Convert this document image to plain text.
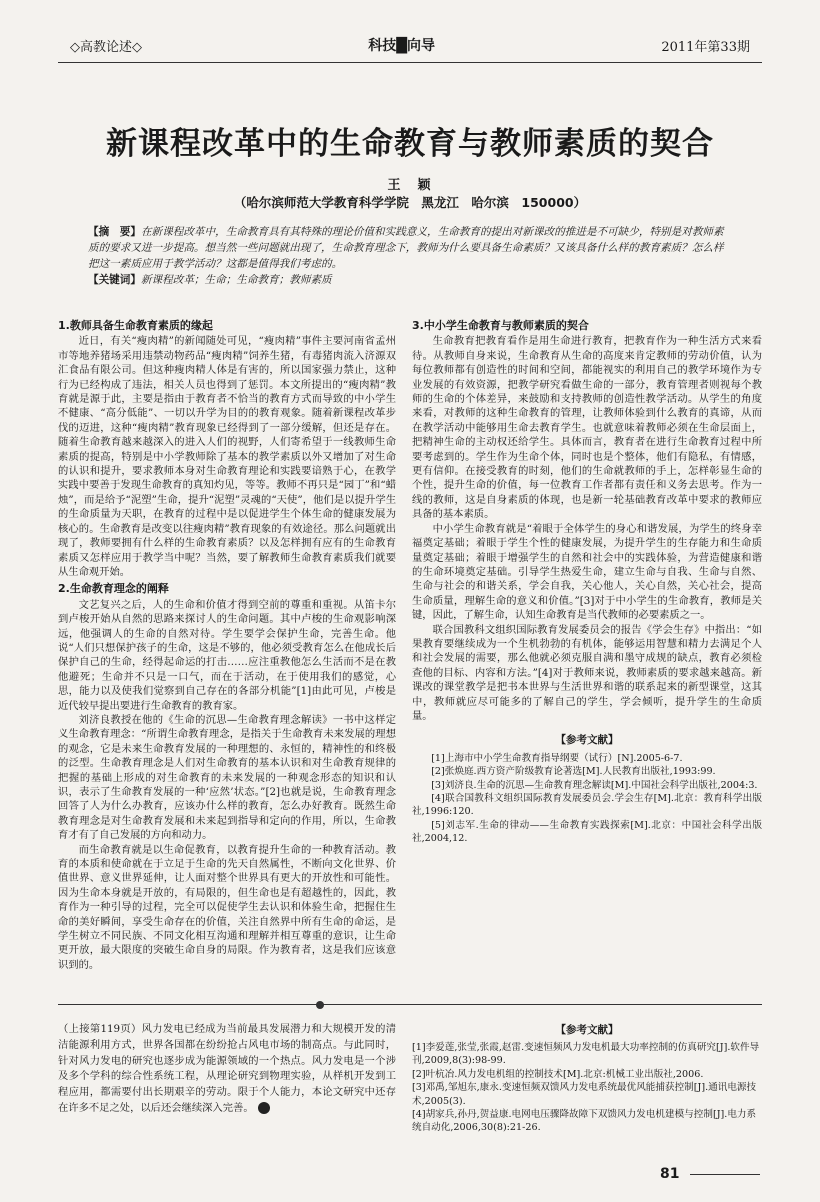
◇高教论述◇	科技█向导	2011年第33期
新课程改革中的生命教育与教师素质的契合
王　颖
（哈尔滨师范大学教育科学学院　黑龙江　哈尔滨　150000）
【摘　要】在新课程改革中，生命教育具有其特殊的理论价值和实践意义，生命教育的提出对新课改的推进是不可缺少，特别是对教师素质的要求又进一步提高。想当然一些问题就出现了，生命教育理念下，教师为什么要具备生命素质？又该具备什么样的教育素质？怎么样把这一素质应用于教学活动？这都是值得我们考虑的。
【关键词】新课程改革；生命；生命教育；教师素质
1.教师具备生命教育素质的缘起

近日，有关“瘦肉精”的新闻随处可见，“瘦肉精”事件主要河南省孟州市等地养猪场采用违禁动物药品“瘦肉精”饲养生猪，有毒猪肉流入济源双汇食品有限公司。但这种瘦肉精人体是有害的，所以国家强力禁止，这种行为已经构成了违法，相关人员也得到了惩罚。本文所提出的“瘦肉精”教育就是源于此，主要是指由于教育者不恰当的教育方式而导致的中小学生不健康、“高分低能”、一切以升学为目的的教育观象。随着新课程改革步伐的迈进，这种“瘦肉精”教育现象已经得到了一部分缓解，但还是存在。随着生命教育越来越深入的进入人们的视野，人们寄希望于一线教师生命素质的提高，特别是中小学教师除了基本的教学素质以外又增加了对生命的认识和提升，要求教师本身对生命教育理论和实践要谙熟于心，在教学实践中要善于发现生命教育的真知灼见，等等。教师不再只是“园丁”和“蜡烛”，而是给予“泥塑”生命，提升“泥塑”灵魂的“天使”，他们是以提升学生的生命质量为天职，在教育的过程中是以促进学生个体生命的健康发展为核心的。生命教育是改变以往瘦肉精”教育现象的有效途径。那么问题就出现了，教师要拥有什么样的生命教育素质？以及怎样拥有应有的生命教育素质又怎样应用于教学当中呢？当然，要了解教师生命教育素质我们就要从生命观开始。

2.生命教育理念的阐释

文艺复兴之后，人的生命和价值才得到空前的尊重和重视。从笛卡尔到卢梭开始从自然的思路来探讨人的生命问题。其中卢梭的生命观影响深远，他强调人的生命的自然对待。学生要学会保护生命，完善生命。他说“人们只想保护孩子的生命，这是不够的，他必须受教育怎么在他成长后保护自己的生命，经得起命运的打击……应注重教他怎么生活而不是在教他避死；生命并不只是一口气，而在于活动，在于使用我们的感觉，心思，能力以及使我们觉察到自己存在的各部分机能”[1]由此可见，卢梭是近代较早提出要进行生命教育的教育家。

刘济良教授在他的《生命的沉思—生命教育理念解读》一书中这样定义生命教育理念：“所谓生命教育理念，是指关于生命教育未来发展的理想的观念，它是未来生命教育发展的一种理想的、永恒的，精神性的和终极的泛型。生命教育理念是人们对生命教育的基本认识和对生命教育规律的把握的基础上形成的对生命教育的未来发展的一种观念形态的知识和认识，表示了生命教育发展的一种‘应然’状态。”[2]也就是说，生命教育理念回答了人为什么办教育，应该办什么样的教育，怎么办好教育。既然生命教育理念是对生命教育发展和未来起到指导和定向的作用，所以，生命教育才有了自己发展的方向和动力。

而生命教育就是以生命促教育，以教育提升生命的一种教育活动。教育的本质和使命就在于立足于生命的先天自然属性，不断向文化世界、价值世界、意义世界延伸，让人面对整个世界具有更大的开放性和可能性。因为生命本身就是开放的，有局限的，但生命也是有超越性的，因此，教育作为一种引导的过程，完全可以促使学生去认识和体验生命，把握住生命的美好瞬间，享受生命存在的价值，关注自然界中所有生命的命运，是学生树立不同民族、不同文化相互沟通和理解并相互尊重的意识，让生命更开放，最大限度的突破生命自身的局限。作为教育者，这是我们应该意识到的。

3.中小学生命教育与教师素质的契合

生命教育把教育看作是用生命进行教育，把教育作为一种生活方式来看待。从教师自身来说，生命教育从生命的高度来肯定教师的劳动价值，认为每位教师都有创造性的时间和空间，都能视实的利用自己的教学环境作为专业发展的有效资源，把教学研究看做生命的一部分，教育管理者则视每个教师的生命的个体差异，来鼓励和支持教师的创造性教学活动。从学生的角度来看，对教师的这种生命教育的管理，让教师体验到什么教育的真谛，从而在教学活动中能够用生命去教育学生。也就意味着教师必须在生命层面上，把精神生命的主动权还给学生。具体而言，教育者在进行生命教育过程中所要考虑到的。学生作为生命个体，同时也是个整体，他们有隐私，有情感，更有信仰。在接受教育的时刻，他们的生命就教师的手上，怎样彰显生命的个性，提升生命的价值，每一位教育工作者都有责任和义务去思考。作为一线的教师，这是自身素质的体现，也是新一轮基础教育改革中要求的教师应具备的基本素质。

中小学生命教育就是“着眼于全体学生的身心和谐发展，为学生的终身幸福奠定基础；着眼于学生个性的健康发展，为提升学生的生存能力和生命质量奠定基础；着眼于增强学生的自然和社会中的实践体验，为营造健康和谐的生命环境奠定基础。引导学生热爱生命，建立生命与自我、生命与自然、生命与社会的和谐关系，学会自我，关心他人，关心自然，关心社会，提高生命质量，理解生命的意义和价值。”[3]对于中小学生的生命教育，教师是关键，因此，了解生命，认知生命教育是当代教师的必要素质之一。

联合国教科文组织国际教育发展委员会的报告《学会生存》中指出：“如果教育要继续成为一个生机勃勃的有机体，能够运用智慧和精力去满足个人和社会发展的需要，那么他就必须克服自满和墨守成规的缺点，教育必须检查他的目标、内容和方法。”[4]对于教师来说，教师素质的要求越来越高。新课改的课堂教学是把书本世界与生活世界和谐的联系起来的新型课堂，这其中，教师就应尽可能多的了解自己的学生，学会倾听，提升学生的生命质量。

【参考文献】

[1]上海市中小学生命教育指导纲要（试行）[N].2005-6-7.

[2]张焕庭.西方资产阶级教育论著选[M].人民教育出版社,1993:99.

[3]刘济良.生命的沉思—生命教育理念解读[M].中国社会科学出版社,2004:3.

[4]联合国教科文组织国际教育发展委员会.学会生存[M].北京：教育科学出版社,1996:120.

[5]刘志军.生命的律动——生命教育实践探索[M].北京：中国社会科学出版社,2004,12.

（上接第119页）风力发电已经成为当前最具发展潜力和大规模开发的清洁能源利用方式，世界各国都在纷纷抢占风电市场的制高点。与此同时，针对风力发电的研究也逐步成为能源领域的一个热点。风力发电是一个涉及多个学科的综合性系统工程，从理论研究到物理实验，从样机开发到工程应用，都需要付出长期艰辛的劳动。限于个人能力，本论文研究中还存在许多不足之处，以后还会继续深入完善。
【参考文献】

[1]李爱莲,张莹,张霞,赵雷.变速恒频风力发电机最大功率控制的仿真研究[J].软件导刊,2009,8(3):98-99.

[2]叶杭冶.风力发电机组的控制技术[M].北京:机械工业出版社,2006.

[3]邓禹,邹旭东,康永.变速恒频双馈风力发电系统最优风能捕获控制[J].通讯电源技术,2005(3).

[4]胡家兵,孙丹,贺益康.电网电压骤降故障下双馈风力发电机建模与控制[J].电力系统自动化,2006,30(8):21-26.

81
